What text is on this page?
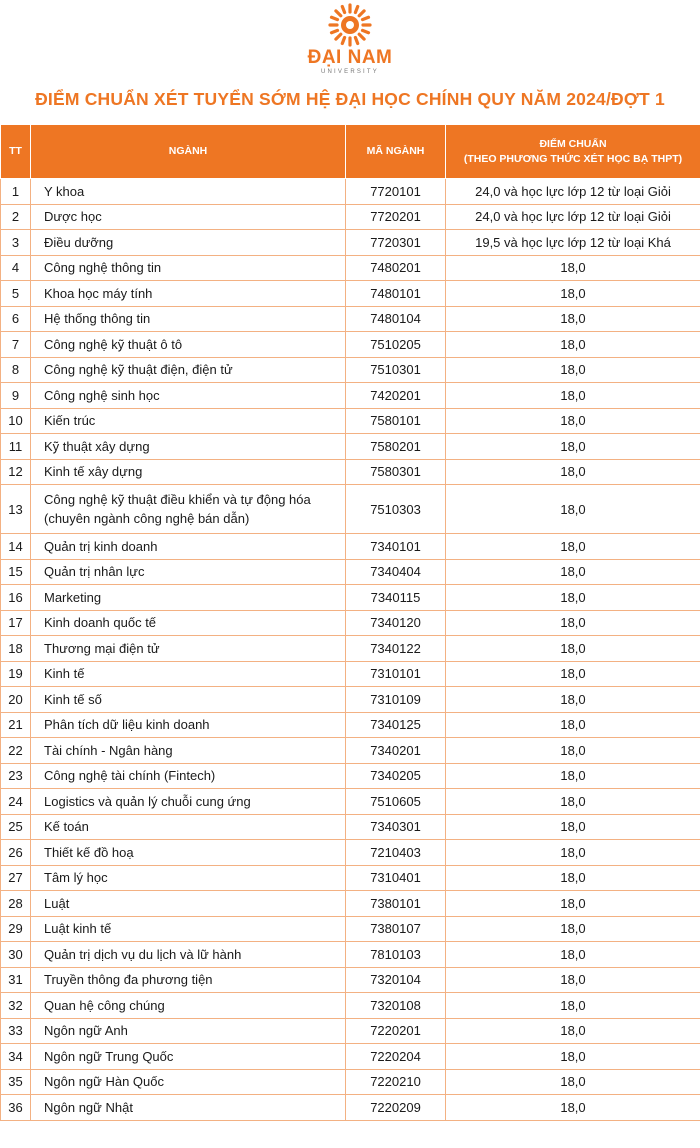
ĐẠI NAM
UNIVERSITY
ĐIỂM CHUẨN XÉT TUYỂN SỚM HỆ ĐẠI HỌC CHÍNH QUY NĂM 2024/ĐỢT 1
TT	NGÀNH	MÃ NGÀNH	ĐIỂM CHUẨN
(THEO PHƯƠNG THỨC XÉT HỌC BẠ THPT)

1	Y khoa	7720101	24,0 và học lực lớp 12 từ loại Giỏi
2	Dược học	7720201	24,0 và học lực lớp 12 từ loại Giỏi
3	Điều dưỡng	7720301	19,5 và học lực lớp 12 từ loại Khá
4	Công nghệ thông tin	7480201	18,0
5	Khoa học máy tính	7480101	18,0
6	Hệ thống thông tin	7480104	18,0
7	Công nghệ kỹ thuật ô tô	7510205	18,0
8	Công nghệ kỹ thuật điện, điện tử	7510301	18,0
9	Công nghệ sinh học	7420201	18,0
10	Kiến trúc	7580101	18,0
11	Kỹ thuật xây dựng	7580201	18,0
12	Kinh tế xây dựng	7580301	18,0
13	Công nghệ kỹ thuật điều khiển và tự động hóa
(chuyên ngành công nghệ bán dẫn)	7510303	18,0
14	Quản trị kinh doanh	7340101	18,0
15	Quản trị nhân lực	7340404	18,0
16	Marketing	7340115	18,0
17	Kinh doanh quốc tế	7340120	18,0
18	Thương mại điện tử	7340122	18,0
19	Kinh tế	7310101	18,0
20	Kinh tế số	7310109	18,0
21	Phân tích dữ liệu kinh doanh	7340125	18,0
22	Tài chính - Ngân hàng	7340201	18,0
23	Công nghệ tài chính (Fintech)	7340205	18,0
24	Logistics và quản lý chuỗi cung ứng	7510605	18,0
25	Kế toán	7340301	18,0
26	Thiết kế đồ hoạ	7210403	18,0
27	Tâm lý học	7310401	18,0
28	Luật	7380101	18,0
29	Luật kinh tế	7380107	18,0
30	Quản trị dịch vụ du lịch và lữ hành	7810103	18,0
31	Truyền thông đa phương tiện	7320104	18,0
32	Quan hệ công chúng	7320108	18,0
33	Ngôn ngữ Anh	7220201	18,0
34	Ngôn ngữ Trung Quốc	7220204	18,0
35	Ngôn ngữ Hàn Quốc	7220210	18,0
36	Ngôn ngữ Nhật	7220209	18,0
